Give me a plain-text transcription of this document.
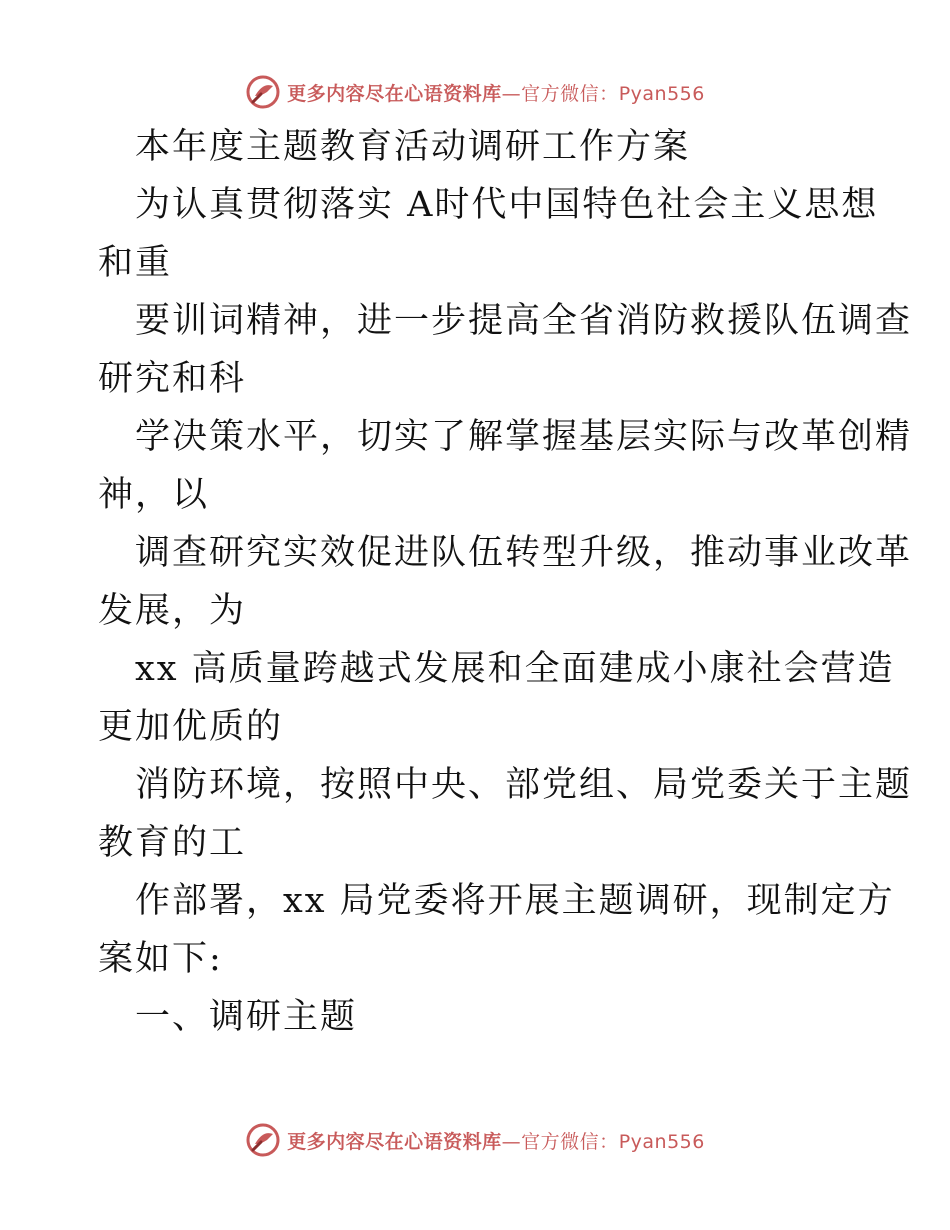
更多内容尽在心语资料库—官方微信：Pyan556

本年度主题教育活动调研工作方案

为认真贯彻落实 A时代中国特色社会主义思想

和重

要训词精神，进一步提高全省消防救援队伍调查

研究和科

学决策水平，切实了解掌握基层实际与改革创精

神，以

调查研究实效促进队伍转型升级，推动事业改革

发展，为

xx 高质量跨越式发展和全面建成小康社会营造

更加优质的

消防环境，按照中央、部党组、局党委关于主题

教育的工

作部署，xx 局党委将开展主题调研，现制定方

案如下:

一、调研主题

更多内容尽在心语资料库—官方微信：Pyan556
